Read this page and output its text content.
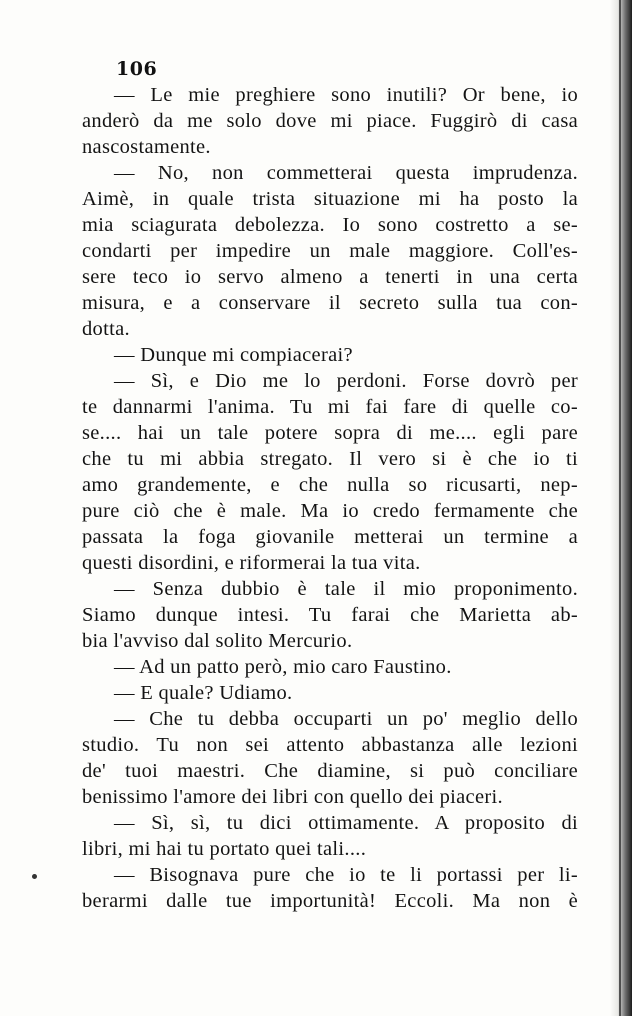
106
— Le mie preghiere sono inutili? Or bene, io
anderò da me solo dove mi piace. Fuggirò di casa
nascostamente.
— No, non commetterai questa imprudenza.
Aimè, in quale trista situazione mi ha posto la
mia sciagurata debolezza. Io sono costretto a se-
condarti per impedire un male maggiore. Coll'es-
sere teco io servo almeno a tenerti in una certa
misura, e a conservare il secreto sulla tua con-
dotta.
— Dunque mi compiacerai?
— Sì, e Dio me lo perdoni. Forse dovrò per
te dannarmi l'anima. Tu mi fai fare di quelle co-
se.... hai un tale potere sopra di me.... egli pare
che tu mi abbia stregato. Il vero si è che io ti
amo grandemente, e che nulla so ricusarti, nep-
pure ciò che è male. Ma io credo fermamente che
passata la foga giovanile metterai un termine a
questi disordini, e riformerai la tua vita.
— Senza dubbio è tale il mio proponimento.
Siamo dunque intesi. Tu farai che Marietta ab-
bia l'avviso dal solito Mercurio.
— Ad un patto però, mio caro Faustino.
— E quale? Udiamo.
— Che tu debba occuparti un po' meglio dello
studio. Tu non sei attento abbastanza alle lezioni
de' tuoi maestri. Che diamine, si può conciliare
benissimo l'amore dei libri con quello dei piaceri.
— Sì, sì, tu dici ottimamente. A proposito di
libri, mi hai tu portato quei tali....
— Bisognava pure che io te li portassi per li-
berarmi dalle tue importunità! Eccoli. Ma non è
